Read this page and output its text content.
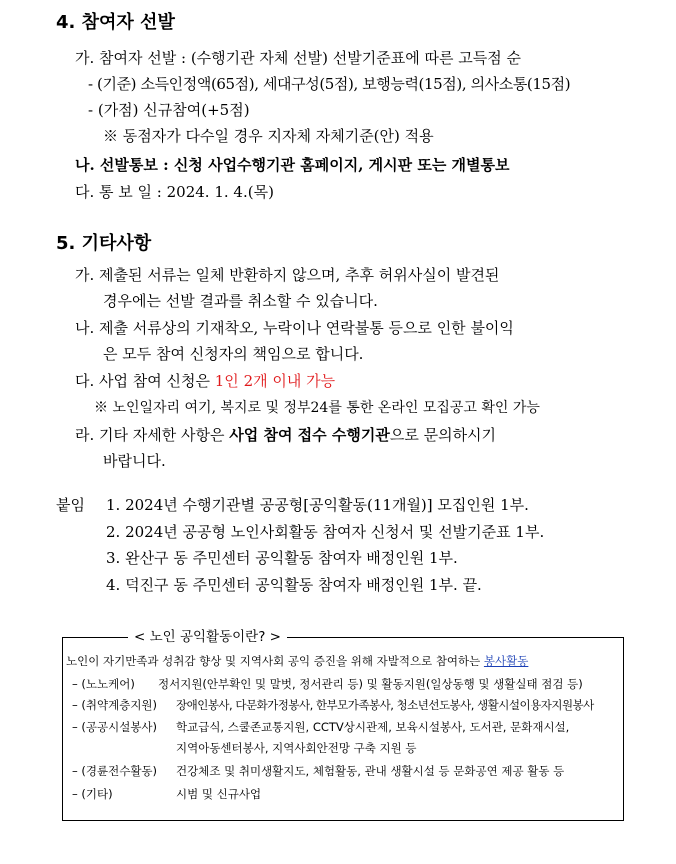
4. 참여자 선발
가. 참여자 선발 : (수행기관 자체 선발) 선발기준표에 따른 고득점 순
- (기준) 소득인정액(65점), 세대구성(5점), 보행능력(15점), 의사소통(15점)
- (가점) 신규참여(+5점)
※ 동점자가 다수일 경우 지자체 자체기준(안) 적용
나. 선발통보 : 신청 사업수행기관 홈페이지, 게시판 또는 개별통보
다. 통 보 일 : 2024. 1. 4.(목)
5. 기타사항
가. 제출된 서류는 일체 반환하지 않으며, 추후 허위사실이 발견된
경우에는 선발 결과를 취소할 수 있습니다.
나. 제출 서류상의 기재착오, 누락이나 연락불통 등으로 인한 불이익
은 모두 참여 신청자의 책임으로 합니다.
다. 사업 참여 신청은 1인 2개 이내 가능
※ 노인일자리 여기, 복지로 및 정부24를 통한 온라인 모집공고 확인 가능
라. 기타 자세한 사항은 사업 참여 접수 수행기관으로 문의하시기
바랍니다.
붙임 1. 2024년 수행기관별 공공형[공익활동(11개월)] 모집인원 1부.
2. 2024년 공공형 노인사회활동 참여자 신청서 및 선발기준표 1부.
3. 완산구 동 주민센터 공익활동 참여자 배정인원 1부.
4. 덕진구 동 주민센터 공익활동 참여자 배정인원 1부. 끝.
< 노인 공익활동이란? >
노인이 자기만족과 성취감 향상 및 지역사회 공익 증진을 위해 자발적으로 참여하는 봉사활동
– (노노케어) 정서지원(안부확인 및 말벗, 정서관리 등) 및 활동지원(일상동행 및 생활실태 점검 등)
– (취약계층지원) 장애인봉사, 다문화가정봉사, 한부모가족봉사, 청소년선도봉사, 생활시설이용자지원봉사
– (공공시설봉사) 학교급식, 스쿨존교통지원, CCTV상시관제, 보육시설봉사, 도서관, 문화재시설,
지역아동센터봉사, 지역사회안전망 구축 지원 등
– (경륜전수활동) 건강체조 및 취미생활지도, 체험활동, 관내 생활시설 등 문화공연 제공 활동 등
– (기타)	시범 및 신규사업
